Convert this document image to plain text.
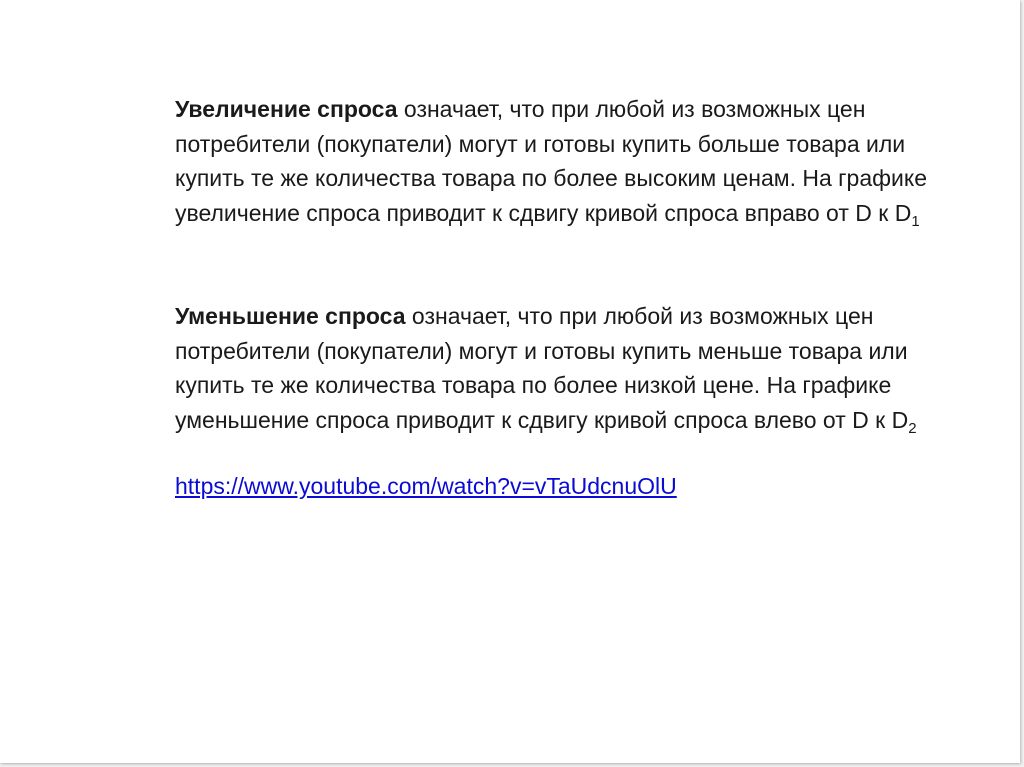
Увеличение спроса означает, что при любой из возможных цен потребители (покупатели) могут и готовы купить больше товара или купить те же количества товара по более высоким ценам. На графике увеличение спроса приводит к сдвигу кривой спроса вправо от D к $D_1$

Уменьшение спроса означает, что при любой из возможных цен потребители (покупатели) могут и готовы купить меньше товара или купить те же количества товара по более низкой цене. На графике уменьшение спроса приводит к сдвигу кривой спроса влево от D к $D_2$

https://www.youtube.com/watch?v=vTaUdcnuOlU
